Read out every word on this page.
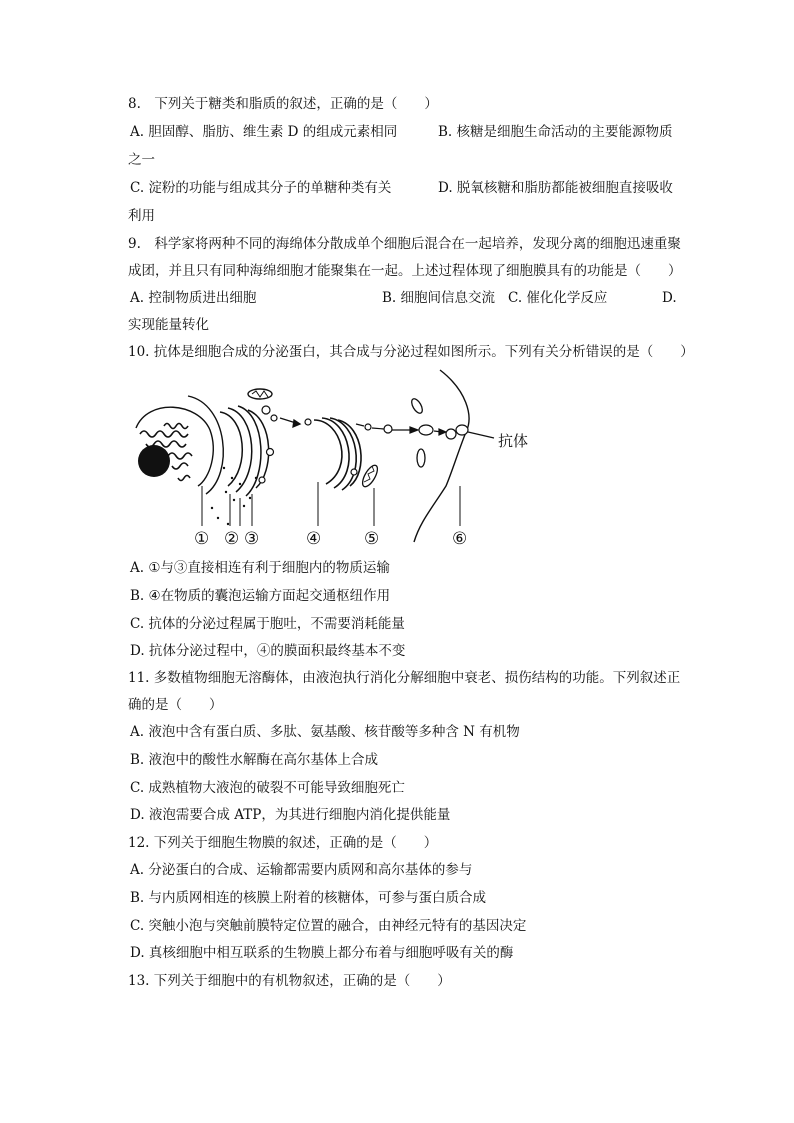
8.　下列关于糖类和脂质的叙述，正确的是（　　）
A. 胆固醇、脂肪、维生素 D 的组成元素相同	B. 核糖是细胞生命活动的主要能源物质
之一
C. 淀粉的功能与组成其分子的单糖种类有关	D. 脱氧核糖和脂肪都能被细胞直接吸收
利用
9.　科学家将两种不同的海绵体分散成单个细胞后混合在一起培养，发现分离的细胞迅速重聚
成团，并且只有同种海绵细胞才能聚集在一起。上述过程体现了细胞膜具有的功能是（　　）
A. 控制物质进出细胞	B. 细胞间信息交流 C. 催化化学反应	D.
实现能量转化
10. 抗体是细胞合成的分泌蛋白，其合成与分泌过程如图所示。下列有关分析错误的是（　　）
抗体
① ② ③	④	⑤	⑥
A. ①与③直接相连有利于细胞内的物质运输
B. ④在物质的囊泡运输方面起交通枢纽作用
C. 抗体的分泌过程属于胞吐，不需要消耗能量
D. 抗体分泌过程中，④的膜面积最终基本不变
11. 多数植物细胞无溶酶体，由液泡执行消化分解细胞中衰老、损伤结构的功能。下列叙述正
确的是（　　）
A. 液泡中含有蛋白质、多肽、氨基酸、核苷酸等多种含 N 有机物
B. 液泡中的酸性水解酶在高尔基体上合成
C. 成熟植物大液泡的破裂不可能导致细胞死亡
D. 液泡需要合成 ATP，为其进行细胞内消化提供能量
12. 下列关于细胞生物膜的叙述，正确的是（　　）
A. 分泌蛋白的合成、运输都需要内质网和高尔基体的参与
B. 与内质网相连的核膜上附着的核糖体，可参与蛋白质合成
C. 突触小泡与突触前膜特定位置的融合，由神经元特有的基因决定
D. 真核细胞中相互联系的生物膜上都分布着与细胞呼吸有关的酶
13. 下列关于细胞中的有机物叙述，正确的是（　　）
